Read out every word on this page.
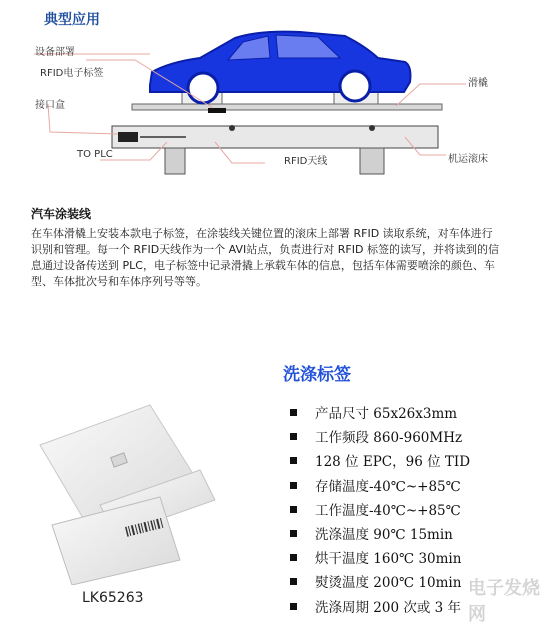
典型应用
设备部署
RFID电子标签
接口盒
TO PLC
RFID天线
滑橇
机运滚床
汽车涂装线
在车体滑橇上安装本款电子标签，在涂装线关键位置的滚床上部署 RFID 读取系统，对车体进行识别和管理。每一个 RFID天线作为一个 AVI站点，负责进行对 RFID 标签的读写，并将读到的信息通过设备传送到 PLC，电子标签中记录滑撬上承载车体的信息，包括车体需要喷涂的颜色、车型、车体批次号和车体序列号等等。
LK65263
洗涤标签
产品尺寸 65x26x3mm
工作频段 860-960MHz
128 位 EPC，96 位 TID
存储温度-40℃~+85℃
工作温度-40℃~+85℃
洗涤温度 90℃ 15min
烘干温度 160℃ 30min
熨烫温度 200℃ 10min
洗涤周期 200 次或 3 年
电子发烧网
